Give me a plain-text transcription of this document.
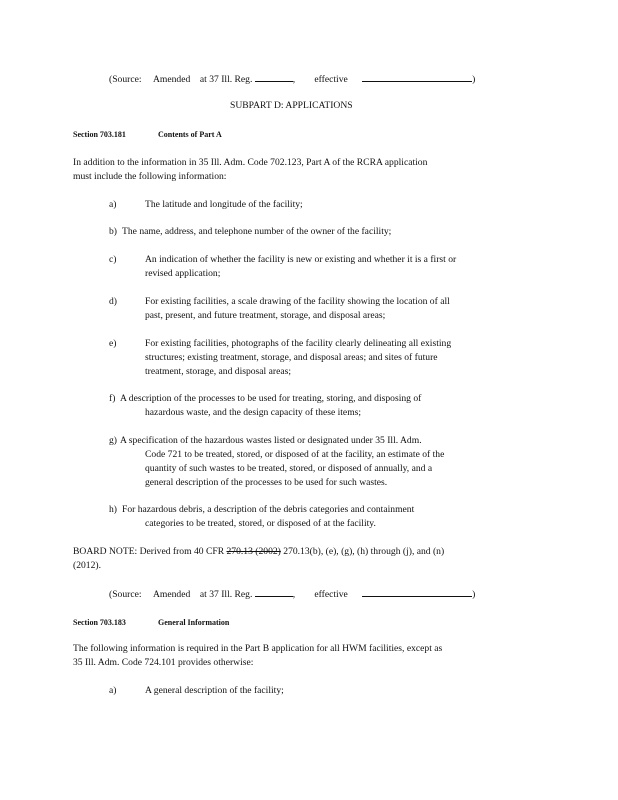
(Source: Amended at 37 Ill. Reg.	, effective	)
SUBPART D: APPLICATIONS
Section 703.181	Contents of Part A
In addition to the information in 35 Ill. Adm. Code 702.123, Part A of the RCRA application
must include the following information:
a)	The latitude and longitude of the facility;
b) The name, address, and telephone number of the owner of the facility;
c)	An indication of whether the facility is new or existing and whether it is a first or
revised application;
d)	For existing facilities, a scale drawing of the facility showing the location of all
past, present, and future treatment, storage, and disposal areas;
e)	For existing facilities, photographs of the facility clearly delineating all existing
structures; existing treatment, storage, and disposal areas; and sites of future
treatment, storage, and disposal areas;
f) A description of the processes to be used for treating, storing, and disposing of
hazardous waste, and the design capacity of these items;
g) A specification of the hazardous wastes listed or designated under 35 Ill. Adm.
Code 721 to be treated, stored, or disposed of at the facility, an estimate of the
quantity of such wastes to be treated, stored, or disposed of annually, and a
general description of the processes to be used for such wastes.
h) For hazardous debris, a description of the debris categories and containment
categories to be treated, stored, or disposed of at the facility.
BOARD NOTE: Derived from 40 CFR 270.13 (2002) 270.13(b), (e), (g), (h) through (j), and (n)
(2012).
(Source: Amended at 37 Ill. Reg.	, effective	)
Section 703.183	General Information
The following information is required in the Part B application for all HWM facilities, except as
35 Ill. Adm. Code 724.101 provides otherwise:
a)	A general description of the facility;
